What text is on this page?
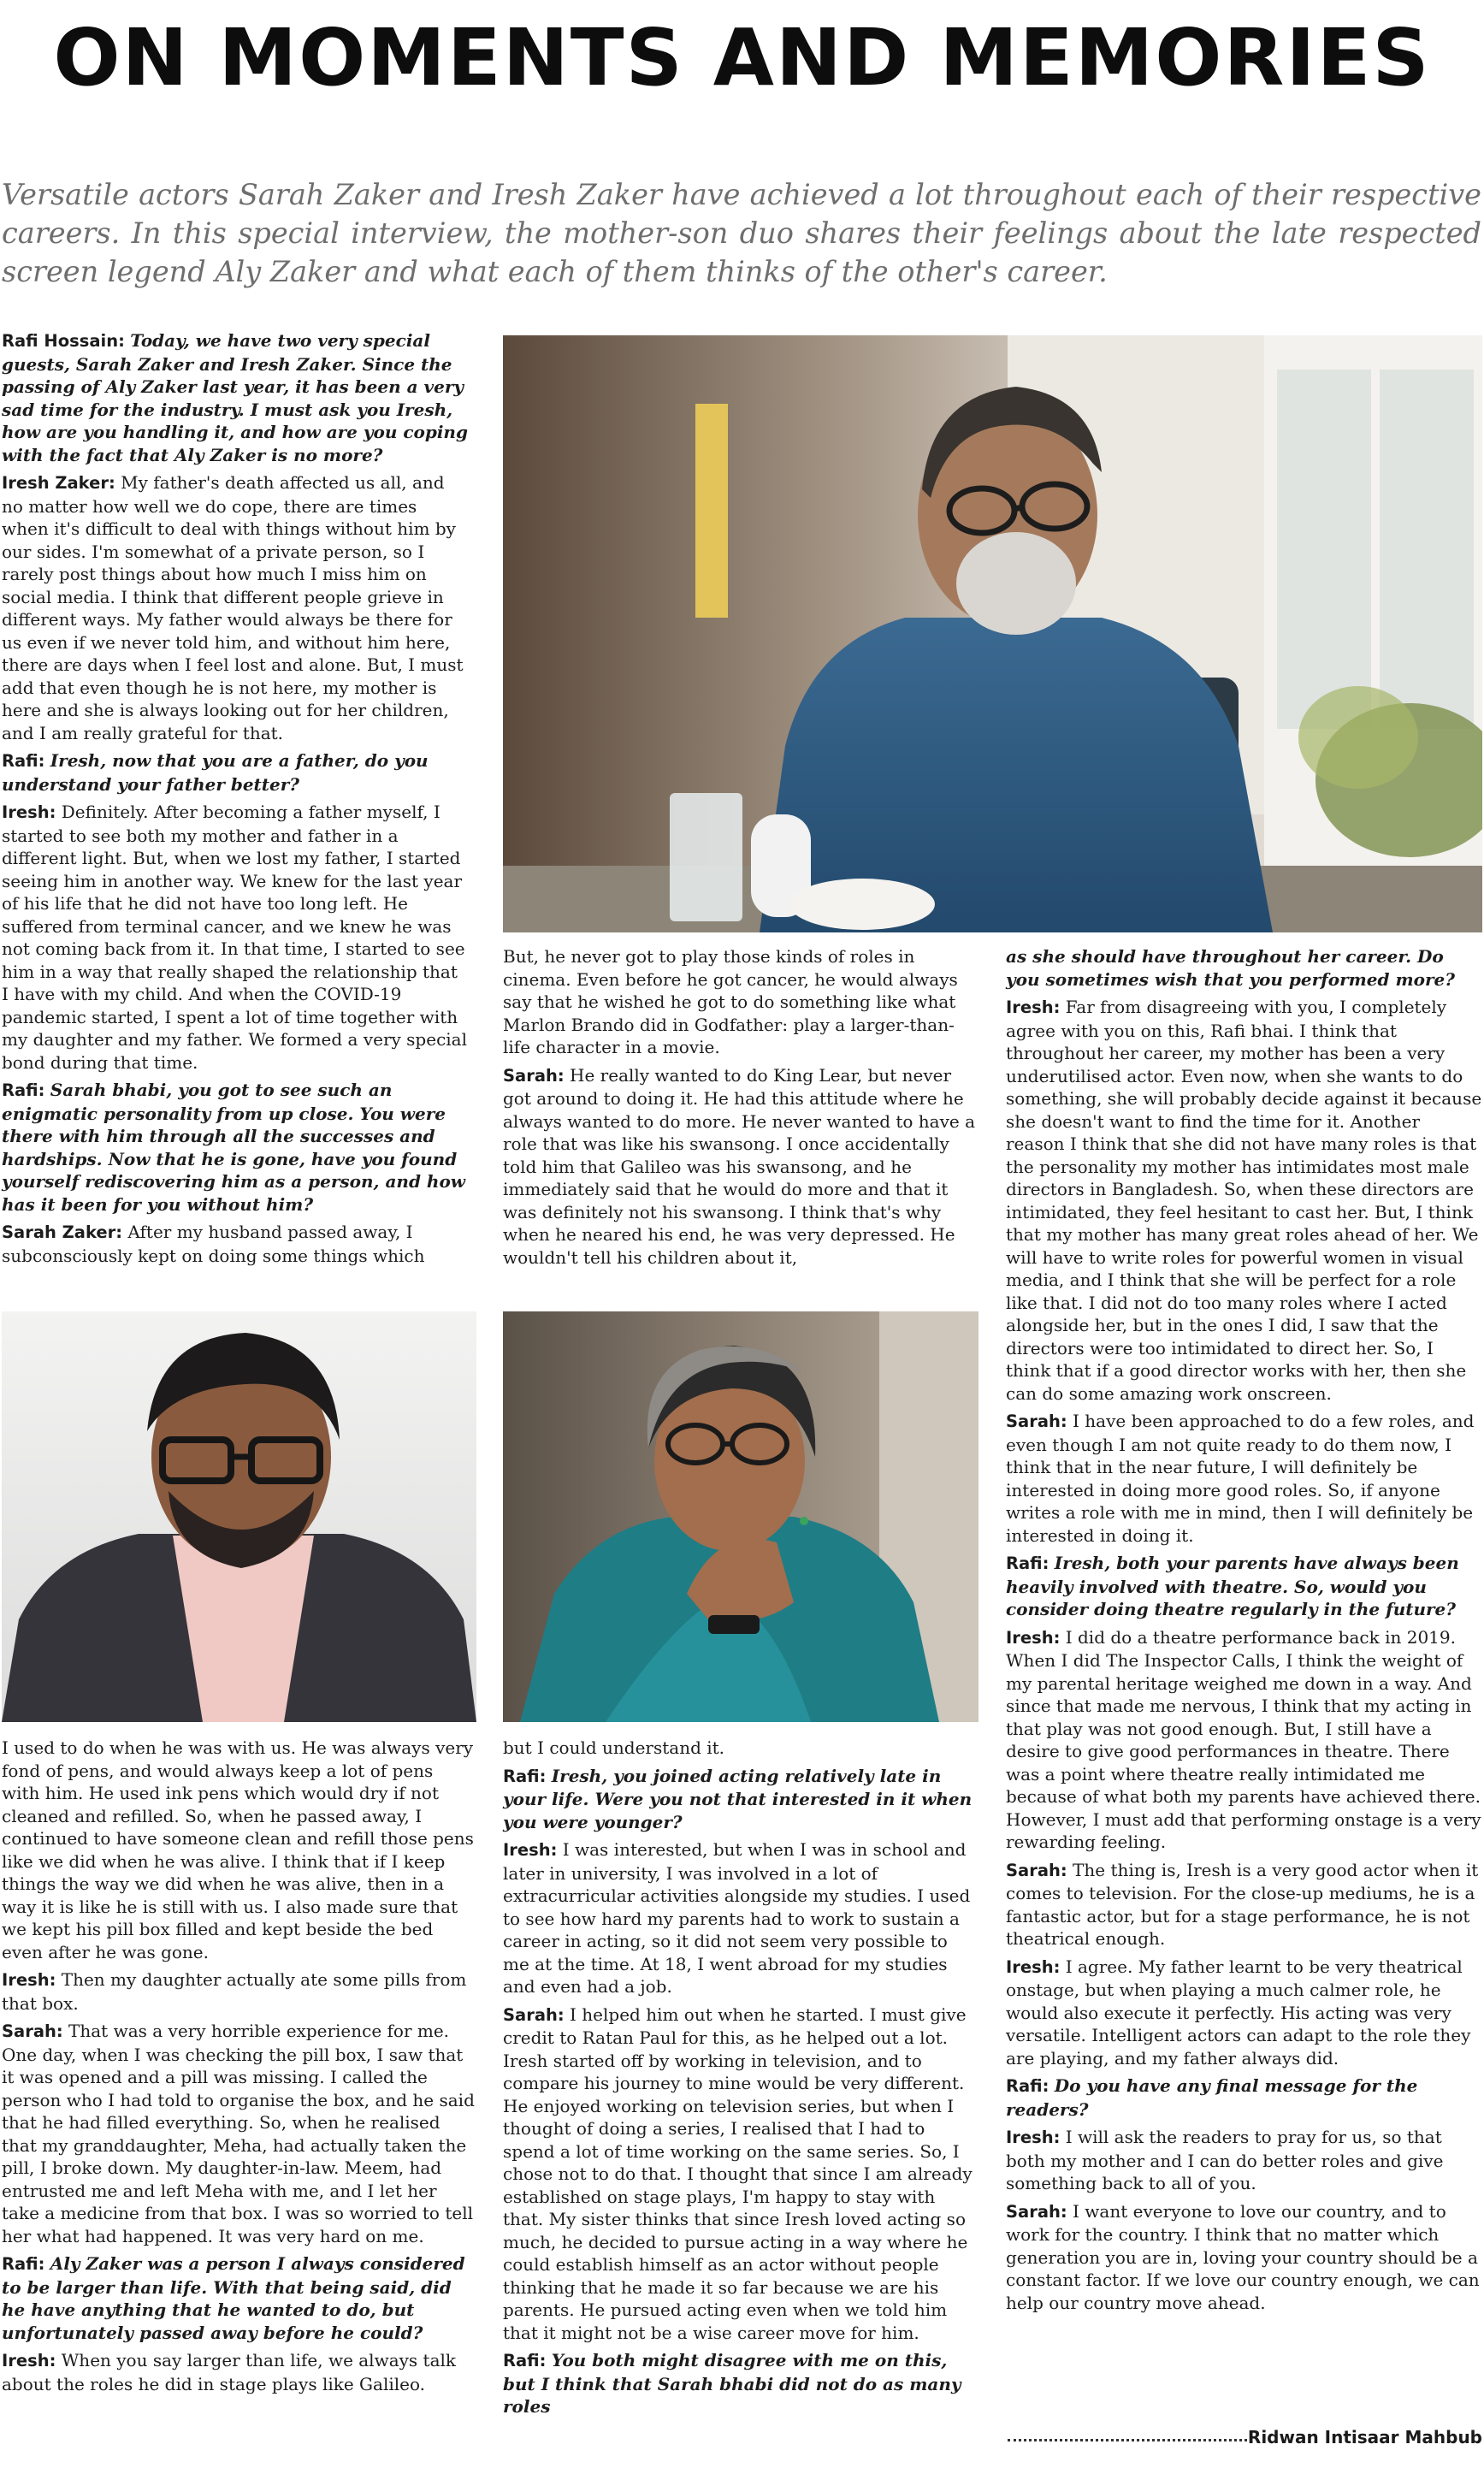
ON MOMENTS AND MEMORIES
Versatile actors Sarah Zaker and Iresh Zaker have achieved a lot throughout each of their respective careers. In this special interview, the mother-son duo shares their feelings about the late respected screen legend Aly Zaker and what each of them thinks of the other's career.

Rafi Hossain: Today, we have two very special guests, Sarah Zaker and Iresh Zaker. Since the passing of Aly Zaker last year, it has been a very sad time for the industry. I must ask you Iresh, how are you handling it, and how are you coping with the fact that Aly Zaker is no more?

Iresh Zaker: My father's death affected us all, and no matter how well we do cope, there are times when it's difficult to deal with things without him by our sides. I'm somewhat of a private person, so I rarely post things about how much I miss him on social media. I think that different people grieve in different ways. My father would always be there for us even if we never told him, and without him here, there are days when I feel lost and alone. But, I must add that even though he is not here, my mother is here and she is always looking out for her children, and I am really grateful for that.

Rafi: Iresh, now that you are a father, do you understand your father better?

Iresh: Definitely. After becoming a father myself, I started to see both my mother and father in a different light. But, when we lost my father, I started seeing him in another way. We knew for the last year of his life that he did not have too long left. He suffered from terminal cancer, and we knew he was not coming back from it. In that time, I started to see him in a way that really shaped the relationship that I have with my child. And when the COVID-19 pandemic started, I spent a lot of time together with my daughter and my father. We formed a very special bond during that time.

Rafi: Sarah bhabi, you got to see such an enigmatic personality from up close. You were there with him through all the successes and hardships. Now that he is gone, have you found yourself rediscovering him as a person, and how has it been for you without him?

Sarah Zaker: After my husband passed away, I subconsciously kept on doing some things which

But, he never got to play those kinds of roles in cinema. Even before he got cancer, he would always say that he wished he got to do something like what Marlon Brando did in Godfather: play a larger-than-life character in a movie.

Sarah: He really wanted to do King Lear, but never got around to doing it. He had this attitude where he always wanted to do more. He never wanted to have a role that was like his swansong. I once accidentally told him that Galileo was his swansong, and he immediately said that he would do more and that it was definitely not his swansong. I think that's why when he neared his end, he was very depressed. He wouldn't tell his children about it,

as she should have throughout her career. Do you sometimes wish that you performed more?

Iresh: Far from disagreeing with you, I completely agree with you on this, Rafi bhai. I think that throughout her career, my mother has been a very underutilised actor. Even now, when she wants to do something, she will probably decide against it because she doesn't want to find the time for it. Another reason I think that she did not have many roles is that the personality my mother has intimidates most male directors in Bangladesh. So, when these directors are intimidated, they feel hesitant to cast her. But, I think that my mother has many great roles ahead of her. We will have to write roles for powerful women in visual media, and I think that she will be perfect for a role like that. I did not do too many roles where I acted alongside her, but in the ones I did, I saw that the directors were too intimidated to direct her. So, I think that if a good director works with her, then she can do some amazing work onscreen.

Sarah: I have been approached to do a few roles, and even though I am not quite ready to do them now, I think that in the near future, I will definitely be interested in doing more good roles. So, if anyone writes a role with me in mind, then I will definitely be interested in doing it.

Rafi: Iresh, both your parents have always been heavily involved with theatre. So, would you consider doing theatre regularly in the future?

Iresh: I did do a theatre performance back in 2019. When I did The Inspector Calls, I think the weight of my parental heritage weighed me down in a way. And since that made me nervous, I think that my acting in that play was not good enough. But, I still have a desire to give good performances in theatre. There was a point where theatre really intimidated me because of what both my parents have achieved there. However, I must add that performing onstage is a very rewarding feeling.

Sarah: The thing is, Iresh is a very good actor when it comes to television. For the close-up mediums, he is a fantastic actor, but for a stage performance, he is not theatrical enough.

Iresh: I agree. My father learnt to be very theatrical onstage, but when playing a much calmer role, he would also execute it perfectly. His acting was very versatile. Intelligent actors can adapt to the role they are playing, and my father always did.

Rafi: Do you have any final message for the readers?

Iresh: I will ask the readers to pray for us, so that both my mother and I can do better roles and give something back to all of you.

Sarah: I want everyone to love our country, and to work for the country. I think that no matter which generation you are in, loving your country should be a constant factor. If we love our country enough, we can help our country move ahead.

I used to do when he was with us. He was always very fond of pens, and would always keep a lot of pens with him. He used ink pens which would dry if not cleaned and refilled. So, when he passed away, I continued to have someone clean and refill those pens like we did when he was alive. I think that if I keep things the way we did when he was alive, then in a way it is like he is still with us. I also made sure that we kept his pill box filled and kept beside the bed even after he was gone.

Iresh: Then my daughter actually ate some pills from that box.

Sarah: That was a very horrible experience for me. One day, when I was checking the pill box, I saw that it was opened and a pill was missing. I called the person who I had told to organise the box, and he said that he had filled everything. So, when he realised that my granddaughter, Meha, had actually taken the pill, I broke down. My daughter-in-law. Meem, had entrusted me and left Meha with me, and I let her take a medicine from that box. I was so worried to tell her what had happened. It was very hard on me.

Rafi: Aly Zaker was a person I always considered to be larger than life. With that being said, did he have anything that he wanted to do, but unfortunately passed away before he could?

Iresh: When you say larger than life, we always talk about the roles he did in stage plays like Galileo.

but I could understand it.

Rafi: Iresh, you joined acting relatively late in your life. Were you not that interested in it when you were younger?

Iresh: I was interested, but when I was in school and later in university, I was involved in a lot of extracurricular activities alongside my studies. I used to see how hard my parents had to work to sustain a career in acting, so it did not seem very possible to me at the time. At 18, I went abroad for my studies and even had a job.

Sarah: I helped him out when he started. I must give credit to Ratan Paul for this, as he helped out a lot. Iresh started off by working in television, and to compare his journey to mine would be very different. He enjoyed working on television series, but when I thought of doing a series, I realised that I had to spend a lot of time working on the same series. So, I chose not to do that. I thought that since I am already established on stage plays, I'm happy to stay with that. My sister thinks that since Iresh loved acting so much, he decided to pursue acting in a way where he could establish himself as an actor without people thinking that he made it so far because we are his parents. He pursued acting even when we told him that it might not be a wise career move for him.

Rafi: You both might disagree with me on this, but I think that Sarah bhabi did not do as many roles

Ridwan Intisaar Mahbub
